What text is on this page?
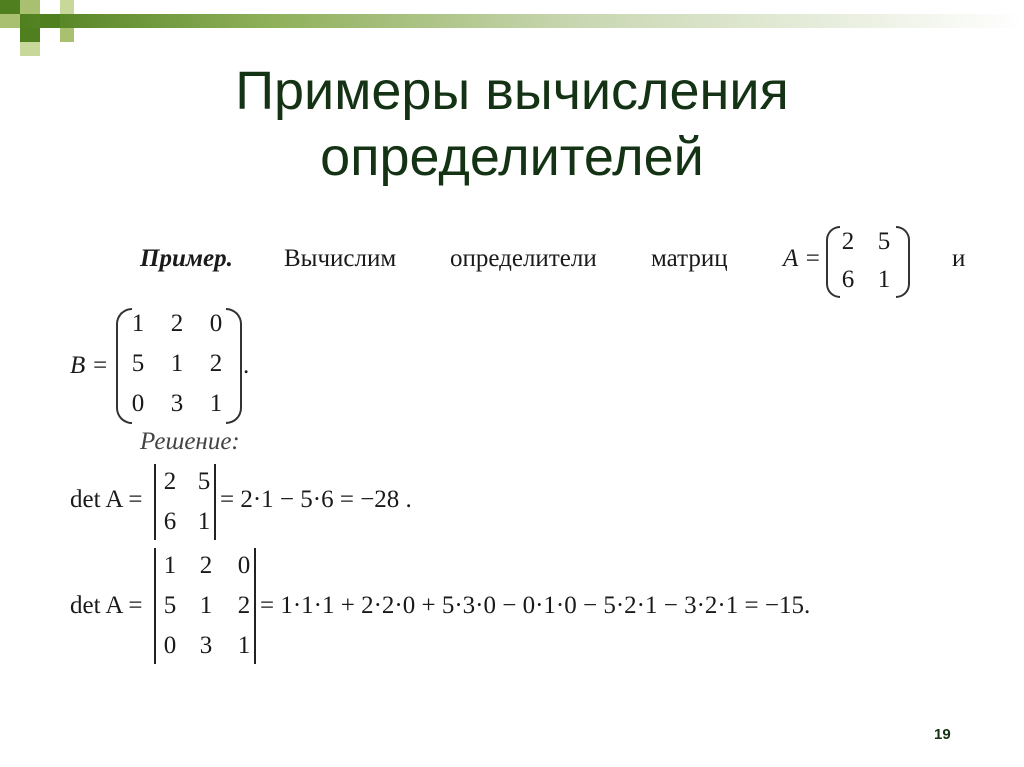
Примеры вычисления
определителей
Пример. Вычислим определители матриц A =
2 5
6 1
и
B =
1 2 0
5 1 2
0 3 1
.
Решение:
det A =
2 5
6 1
= 2·1 − 5·6 = −28 .
det A =
1 2 0
5 1 2
0 3 1
= 1·1·1 + 2·2·0 + 5·3·0 − 0·1·0 − 5·2·1 − 3·2·1 = −15.
19
